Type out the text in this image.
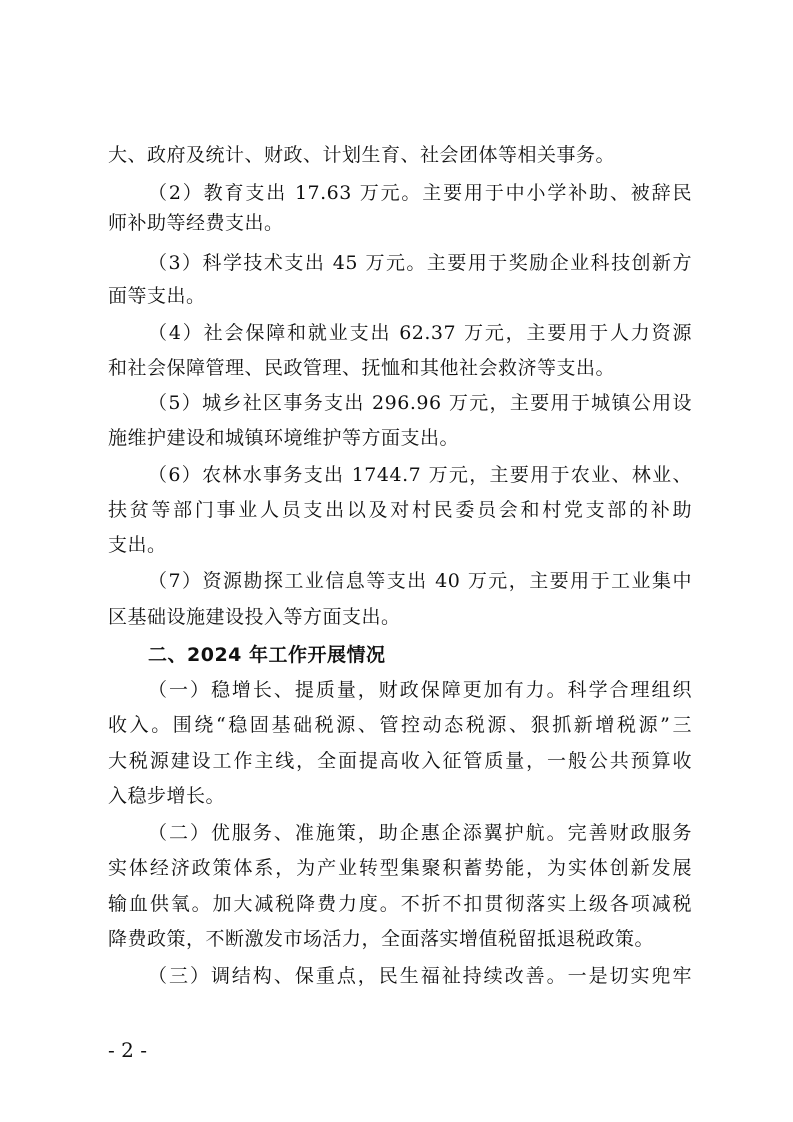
大、政府及统计、财政、计划生育、社会团体等相关事务。

（2）教育支出 17.63 万元。主要用于中小学补助、被辞民

师补助等经费支出。

（3）科学技术支出 45 万元。主要用于奖励企业科技创新方

面等支出。

（4）社会保障和就业支出 62.37 万元，主要用于人力资源

和社会保障管理、民政管理、抚恤和其他社会救济等支出。

（5）城乡社区事务支出 296.96 万元，主要用于城镇公用设

施维护建设和城镇环境维护等方面支出。

（6）农林水事务支出 1744.7 万元，主要用于农业、林业、

扶贫等部门事业人员支出以及对村民委员会和村党支部的补助

支出。

（7）资源勘探工业信息等支出 40 万元，主要用于工业集中

区基础设施建设投入等方面支出。

二、2024 年工作开展情况

（一）稳增长、提质量，财政保障更加有力。科学合理组织

收入。围绕“稳固基础税源、管控动态税源、狠抓新增税源”三

大税源建设工作主线，全面提高收入征管质量，一般公共预算收

入稳步增长。

（二）优服务、准施策，助企惠企添翼护航。完善财政服务

实体经济政策体系，为产业转型集聚积蓄势能，为实体创新发展

输血供氧。加大减税降费力度。不折不扣贯彻落实上级各项减税

降费政策，不断激发市场活力，全面落实增值税留抵退税政策。

（三）调结构、保重点，民生福祉持续改善。一是切实兜牢

- 2 -
